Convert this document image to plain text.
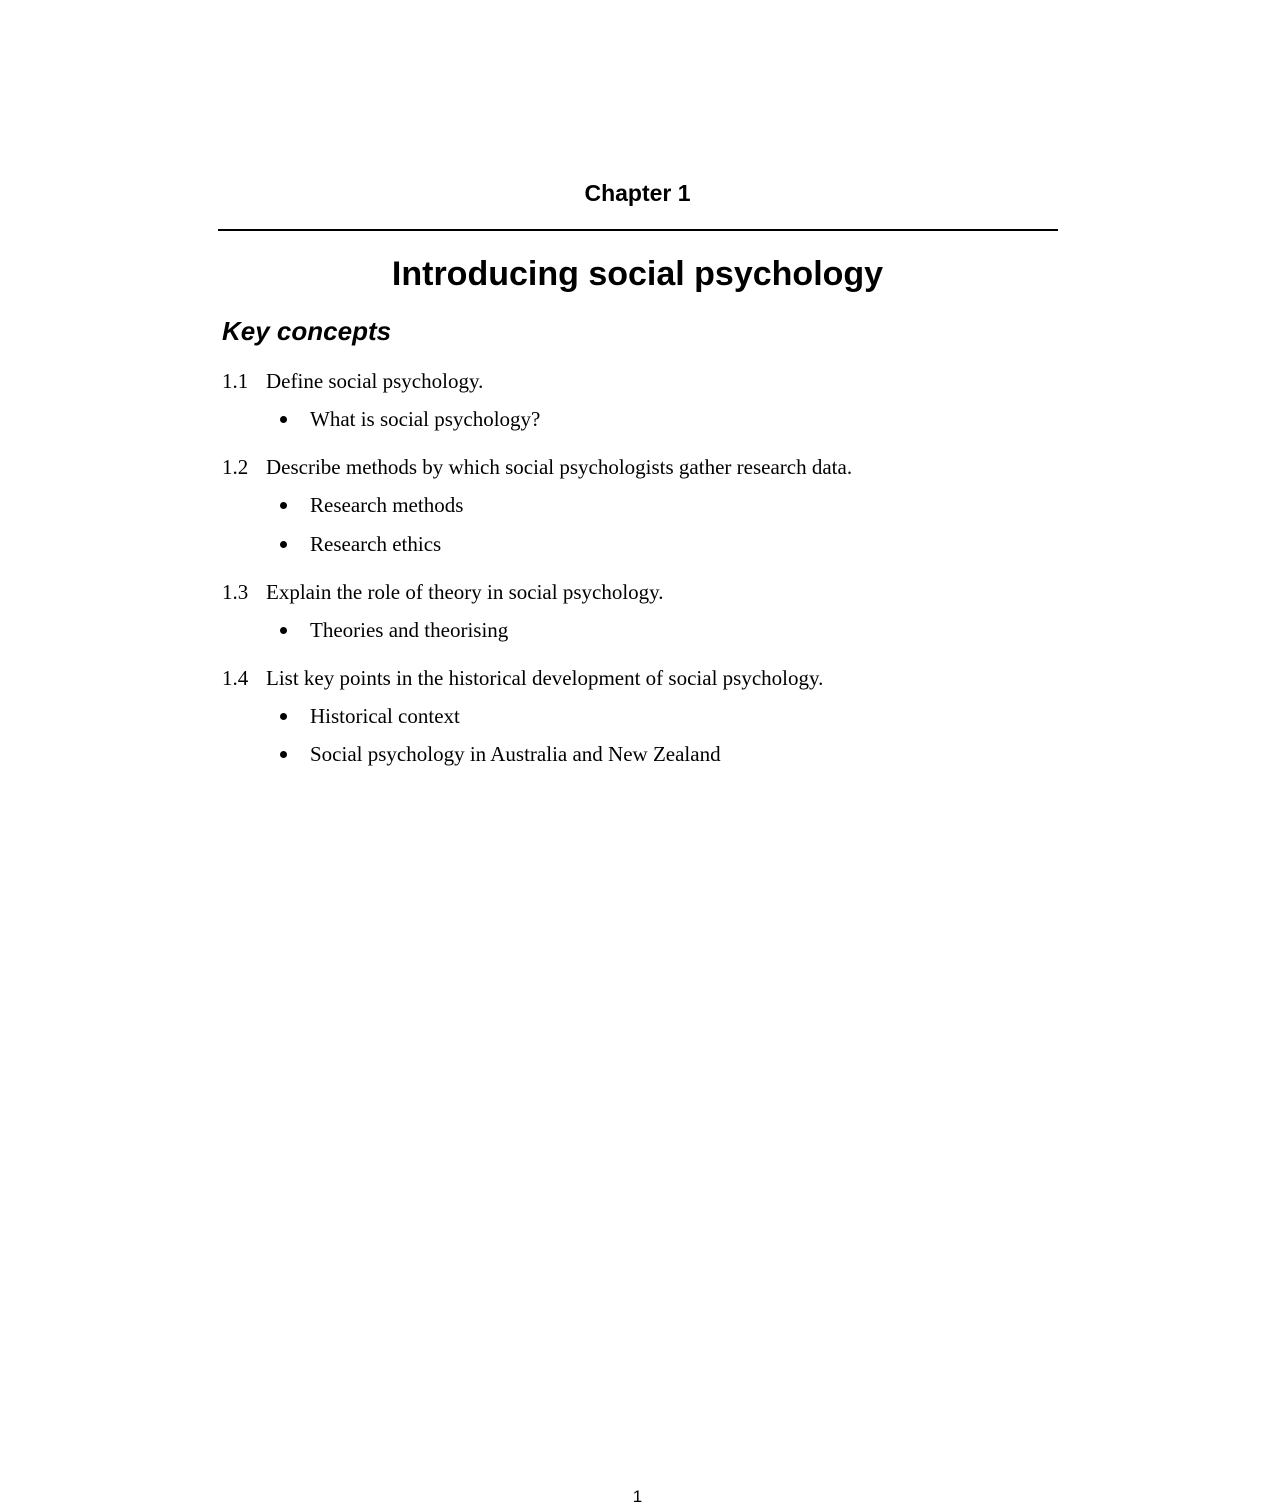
Chapter 1
Introducing social psychology
Key concepts
1.1 Define social psychology.
What is social psychology?
1.2 Describe methods by which social psychologists gather research data.
Research methods
Research ethics
1.3 Explain the role of theory in social psychology.
Theories and theorising
1.4 List key points in the historical development of social psychology.
Historical context
Social psychology in Australia and New Zealand
1
